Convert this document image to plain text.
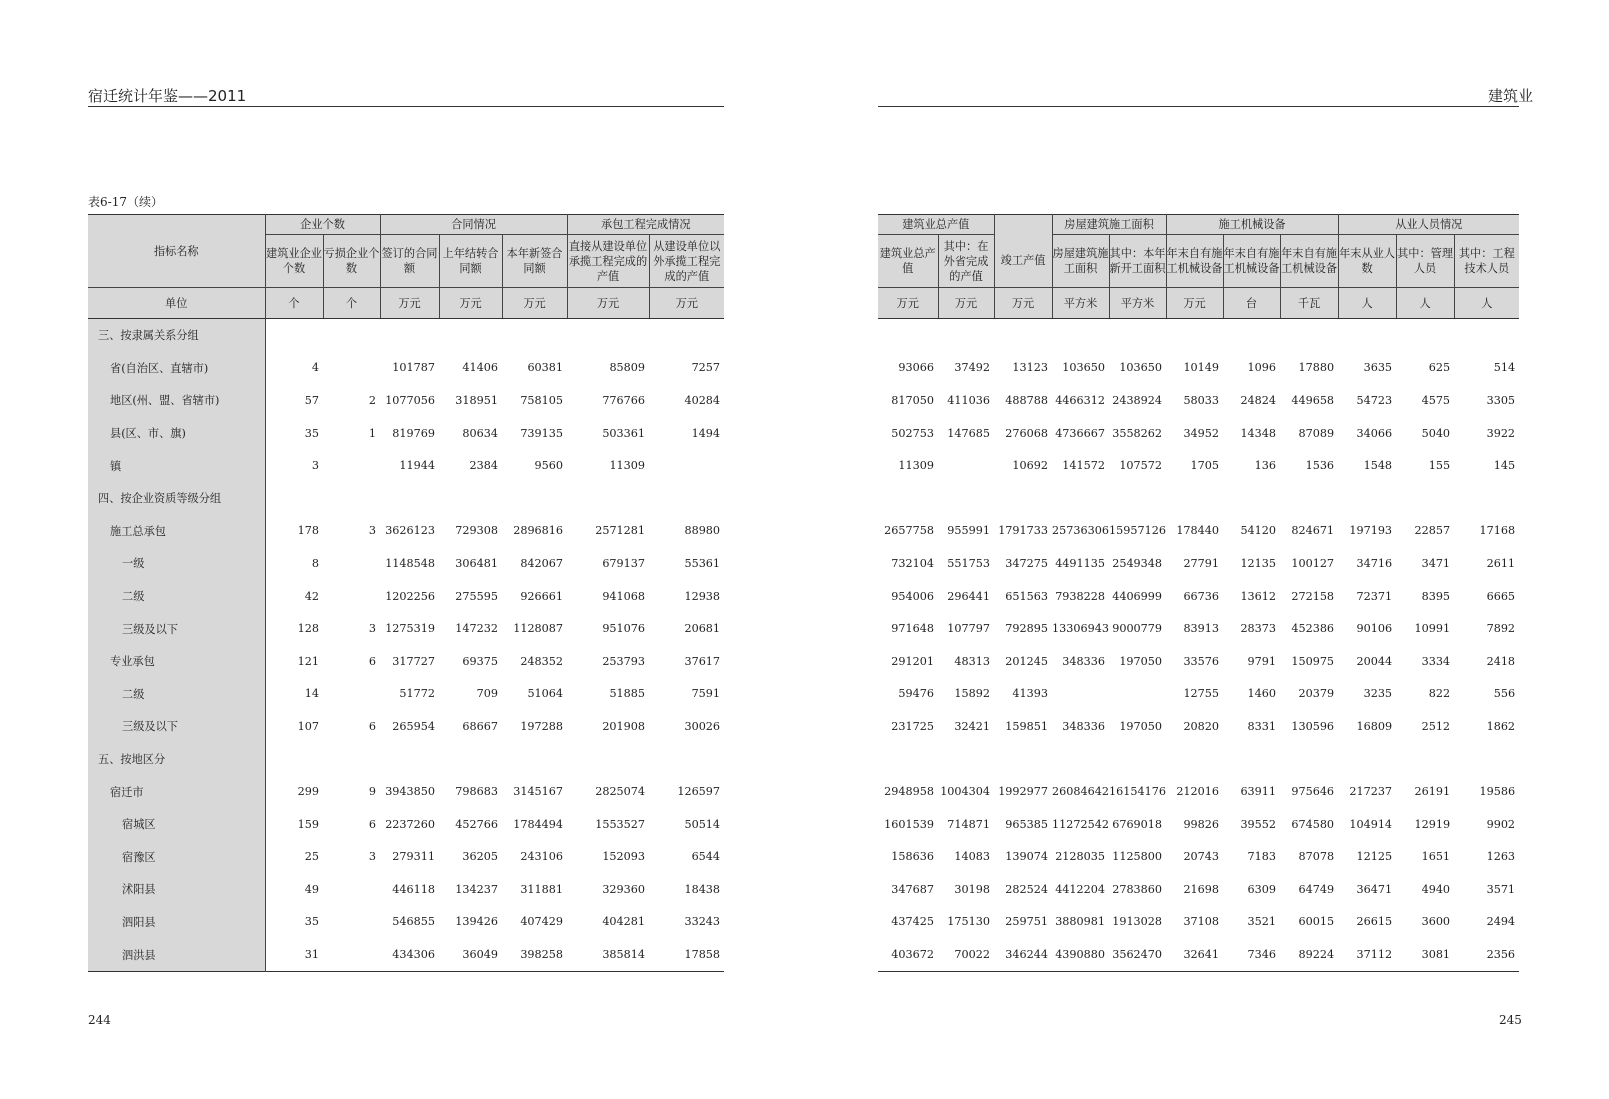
宿迁统计年鉴——2011	建筑业
表6-17（续）
指标名称	企业个数		合同情况			承包工程完成情况	
	建筑业企业个数	亏损企业个数	签订的合同额	上年结转合同额	本年新签合同额	直接从建设单位承揽工程完成的产值	从建设单位以外承揽工程完成的产值
单位	个	个	万元	万元	万元	万元	万元
三、按隶属关系分组							
省(自治区、直辖市)	4		101787	41406	60381	85809	7257
地区(州、盟、省辖市)	57	2	1077056	318951	758105	776766	40284
县(区、市、旗)	35	1	819769	80634	739135	503361	1494
镇	3		11944	2384	9560	11309	
四、按企业资质等级分组							
施工总承包	178	3	3626123	729308	2896816	2571281	88980
一级	8		1148548	306481	842067	679137	55361
二级	42		1202256	275595	926661	941068	12938
三级及以下	128	3	1275319	147232	1128087	951076	20681
专业承包	121	6	317727	69375	248352	253793	37617
二级	14		51772	709	51064	51885	7591
三级及以下	107	6	265954	68667	197288	201908	30026
五、按地区分							
宿迁市	299	9	3943850	798683	3145167	2825074	126597
宿城区	159	6	2237260	452766	1784494	1553527	50514
宿豫区	25	3	279311	36205	243106	152093	6544
沭阳县	49		446118	134237	311881	329360	18438
泗阳县	35		546855	139426	407429	404281	33243
泗洪县	31		434306	36049	398258	385814	17858
建筑业总产值			房屋建筑施工面积		施工机械设备			从业人员情况		
建筑业总产值	其中：在外省完成的产值	竣工产值	房屋建筑施工面积	其中：本年新开工面积	年末自有施工机械设备	年末自有施工机械设备	年末自有施工机械设备	年末从业人数	其中：管理人员	其中：工程技术人员
万元	万元	万元	平方米	平方米	万元	台	千瓦	人	人	人

93066	37492	13123	103650	103650	10149	1096	17880	3635	625	514
817050	411036	488788	4466312	2438924	58033	24824	449658	54723	4575	3305
502753	147685	276068	4736667	3558262	34952	14348	87089	34066	5040	3922
11309		10692	141572	107572	1705	136	1536	1548	155	145

2657758	955991	1791733	25736306	15957126	178440	54120	824671	197193	22857	17168
732104	551753	347275	4491135	2549348	27791	12135	100127	34716	3471	2611
954006	296441	651563	7938228	4406999	66736	13612	272158	72371	8395	6665
971648	107797	792895	13306943	9000779	83913	28373	452386	90106	10991	7892
291201	48313	201245	348336	197050	33576	9791	150975	20044	3334	2418
59476	15892	41393			12755	1460	20379	3235	822	556
231725	32421	159851	348336	197050	20820	8331	130596	16809	2512	1862

2948958	1004304	1992977	26084642	16154176	212016	63911	975646	217237	26191	19586
1601539	714871	965385	11272542	6769018	99826	39552	674580	104914	12919	9902
158636	14083	139074	2128035	1125800	20743	7183	87078	12125	1651	1263
347687	30198	282524	4412204	2783860	21698	6309	64749	36471	4940	3571
437425	175130	259751	3880981	1913028	37108	3521	60015	26615	3600	2494
403672	70022	346244	4390880	3562470	32641	7346	89224	37112	3081	2356
244	245
